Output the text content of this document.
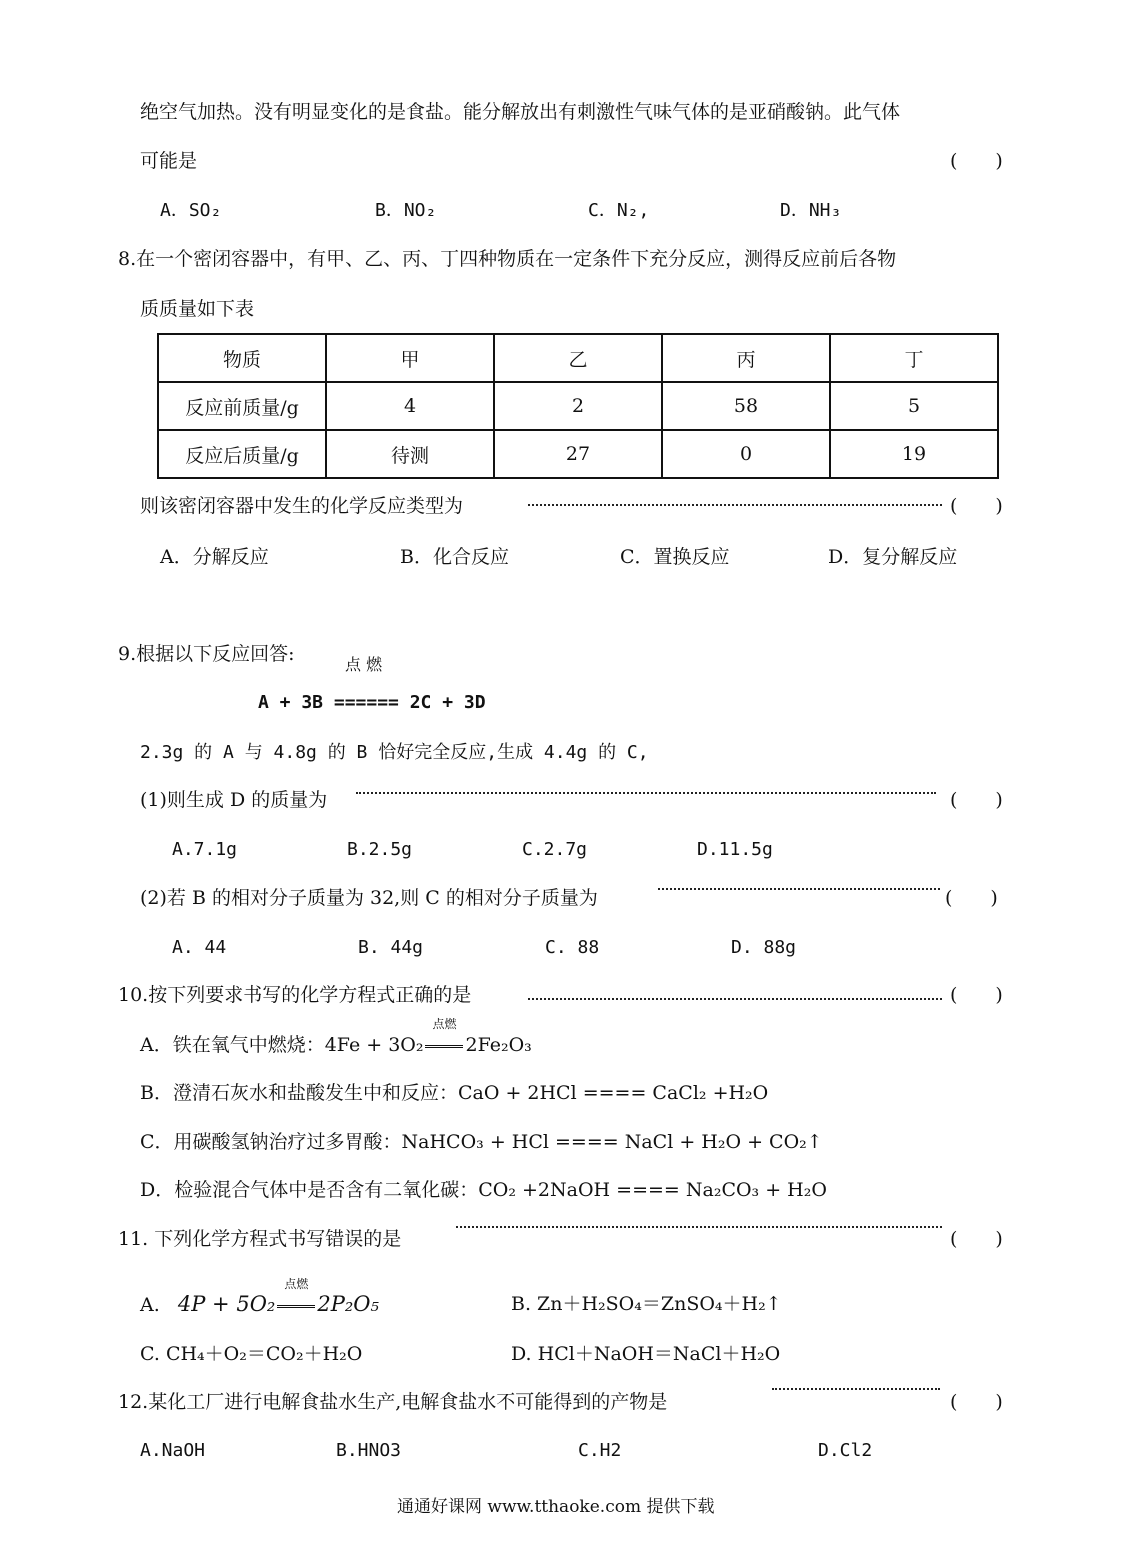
绝空气加热。没有明显变化的是食盐。能分解放出有刺激性气味气体的是亚硝酸钠。此气体
可能是	(　　)
A．SO₂	B．NO₂	C．N₂,	D．NH₃
8.在一个密闭容器中，有甲、乙、丙、丁四种物质在一定条件下充分反应，测得反应前后各物
质质量如下表
物质	甲	乙	丙	丁
反应前质量/g	4	2	58	5
反应后质量/g	待测	27	0	19
则该密闭容器中发生的化学反应类型为	(　　)
A．分解反应	B．化合反应	C．置换反应	D．复分解反应
9.根据以下反应回答:	点 燃
A + 3B ====== 2C + 3D
2.3g 的 A 与 4.8g 的 B 恰好完全反应,生成 4.4g 的 C,
(1)则生成 D 的质量为	(　　)
A.7.1g	B.2.5g	C.2.7g	D.11.5g
(2)若 B 的相对分子质量为 32,则 C 的相对分子质量为	(　　)
A. 44	B. 44g	C. 88	D. 88g
10.按下列要求书写的化学方程式正确的是	(　　)
A．铁在氧气中燃烧：4Fe + 3O₂
点燃
2Fe₂O₃
B．澄清石灰水和盐酸发生中和反应：CaO + 2HCl ==== CaCl₂ +H₂O
C．用碳酸氢钠治疗过多胃酸：NaHCO₃ + HCl ==== NaCl + H₂O + CO₂↑
D．检验混合气体中是否含有二氧化碳：CO₂ +2NaOH ==== Na₂CO₃ + H₂O
11. 下列化学方程式书写错误的是	(　　)
A. 4P + 5O₂
点燃
2P₂O₅	B. Zn＋H₂SO₄＝ZnSO₄＋H₂↑
C. CH₄＋O₂＝CO₂＋H₂O	D. HCl＋NaOH＝NaCl＋H₂O
12.某化工厂进行电解食盐水生产,电解食盐水不可能得到的产物是	(　　)
A.NaOH	B.HNO3	C.H2	D.Cl2
通通好课网 www.tthaoke.com 提供下载
